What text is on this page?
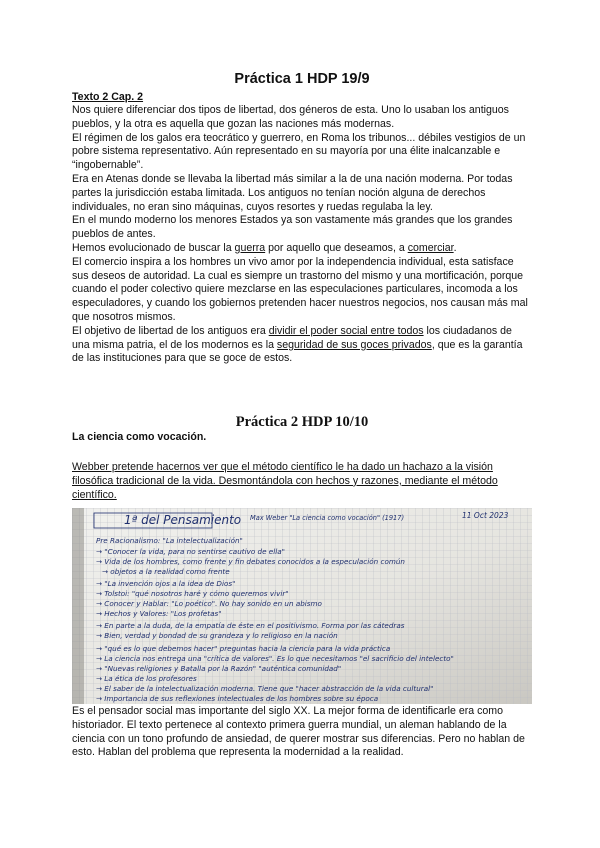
Práctica 1 HDP 19/9
Texto 2 Cap. 2

Nos quiere diferenciar dos tipos de libertad, dos géneros de esta. Uno lo usaban los antiguos pueblos, y la otra es aquella que gozan las naciones más modernas.

El régimen de los galos era teocrático y guerrero, en Roma los tribunos... débiles vestigios de un pobre sistema representativo. Aún representado en su mayoría por una élite inalcanzable e “ingobernable”.

Era en Atenas donde se llevaba la libertad más similar a la de una nación moderna. Por todas partes la jurisdicción estaba limitada. Los antiguos no tenían noción alguna de derechos individuales, no eran sino máquinas, cuyos resortes y ruedas regulaba la ley.

En el mundo moderno los menores Estados ya son vastamente más grandes que los grandes pueblos de antes.

Hemos evolucionado de buscar la guerra por aquello que deseamos, a comerciar.

El comercio inspira a los hombres un vivo amor por la independencia individual, esta satisface sus deseos de autoridad. La cual es siempre un trastorno del mismo y una mortificación, porque cuando el poder colectivo quiere mezclarse en las especulaciones particulares, incomoda a los especuladores, y cuando los gobiernos pretenden hacer nuestros negocios, nos causan más mal que nosotros mismos.

El objetivo de libertad de los antiguos era dividir el poder social entre todos los ciudadanos de una misma patria, el de los modernos es la seguridad de sus goces privados, que es la garantía de las instituciones para que se goce de estos.

Práctica 2 HDP 10/10
La ciencia como vocación.
Webber pretende hacernos ver que el método científico le ha dado un hachazo a la visión filosófica tradicional de la vida. Desmontándola con hechos y razones, mediante el método científico.
1ª del Pensamiento Max Weber "La ciencia como vocación" (1917)	11 Oct 2023
Pre Racionalismo: "La intelectualización"
→ "Conocer la vida, para no sentirse cautivo de ella"
→ Vida de los hombres, como frente y fin debates conocidos a la especulación común
→ objetos a la realidad como frente
→ "La invención ojos a la idea de Dios"
→ Tolstoi: "qué nosotros haré y cómo queremos vivir"
→ Conocer y Hablar: "Lo poético". No hay sonido en un abismo
→ Hechos y Valores: "Los profetas"
→ En parte a la duda, de la empatía de éste en el positivismo. Forma por las cátedras
→ Bien, verdad y bondad de su grandeza y lo religioso en la nación
→ "qué es lo que debemos hacer" preguntas hacia la ciencia para la vida práctica
→ La ciencia nos entrega una "crítica de valores". Es lo que necesitamos "el sacrificio del intelecto"
→ "Nuevas religiones y Batalla por la Razón" "auténtica comunidad"
→ La ética de los profesores
→ El saber de la intelectualización moderna. Tiene que "hacer abstracción de la vida cultural"
→ Importancia de sus reflexiones intelectuales de los hombres sobre su época
Es el pensador social mas importante del siglo XX. La mejor forma de identificarle era como historiador. El texto pertenece al contexto primera guerra mundial, un aleman hablando de la ciencia con un tono profundo de ansiedad, de querer mostrar sus diferencias. Pero no hablan de esto. Hablan del problema que representa la modernidad a la realidad.
